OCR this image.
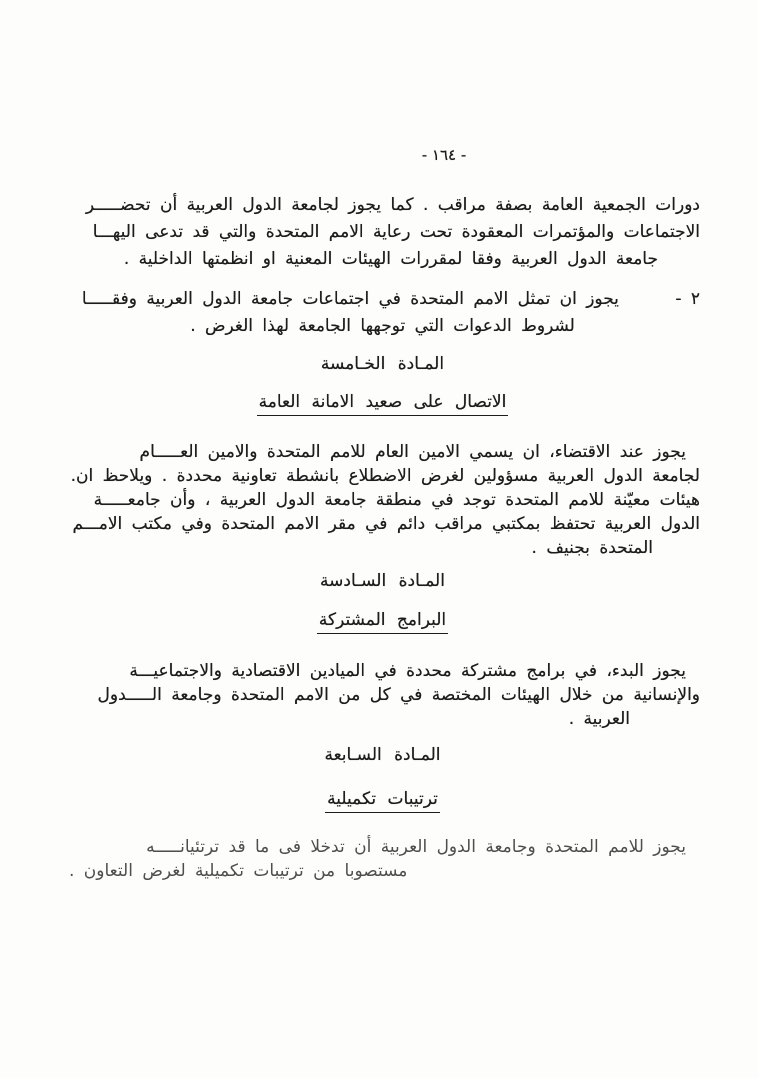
- ١٦٤ -
دورات الجمعية العامة بصفة مراقب . كما يجوز لجامعة الدول العربية أن تحضـــــر
الاجتماعات والمؤتمرات المعقودة تحت رعاية الامم المتحدة والتي قد تدعى اليهـــا
جامعة الدول العربية وفقا لمقررات الهيئات المعنية او انظمتها الداخلية .
٢ -      يجوز ان تمثل الامم المتحدة في اجتماعات جامعة الدول العربية وفقـــــا
لشروط الدعوات التي توجهها الجامعة لهذا الغرض .
المـادة الخـامسة
الاتصال على صعيد الامانة العامة
يجوز عند الاقتضاء، ان يسمي الامين العام للامم المتحدة والامين العـــــام
لجامعة الدول العربية مسؤولين لغرض الاضطلاع بانشطة تعاونية محددة . ويلاحظ ان.
هيئات معيّنة للامم المتحدة توجد في منطقة جامعة الدول العربية ، وأن جامعـــــة
الدول العربية تحتفظ بمكتبي مراقب دائم في مقر الامم المتحدة وفي مكتب الامـــم
المتحدة بجنيف .
المـادة السـادسة
البرامج المشتركة
يجوز البدء، في برامج مشتركة محددة في الميادين الاقتصادية والاجتماعيـــة
والإنسانية من خلال الهيئات المختصة في كل من الامم المتحدة وجامعة الـــــدول
العربية .
المـادة السـابعة
ترتيبات تكميلية
يجوز للامم المتحدة وجامعة الدول العربية أن تدخلا فى ما قد ترتئيانـــــه
مستصوبا من ترتيبات تكميلية لغرض التعاون .
